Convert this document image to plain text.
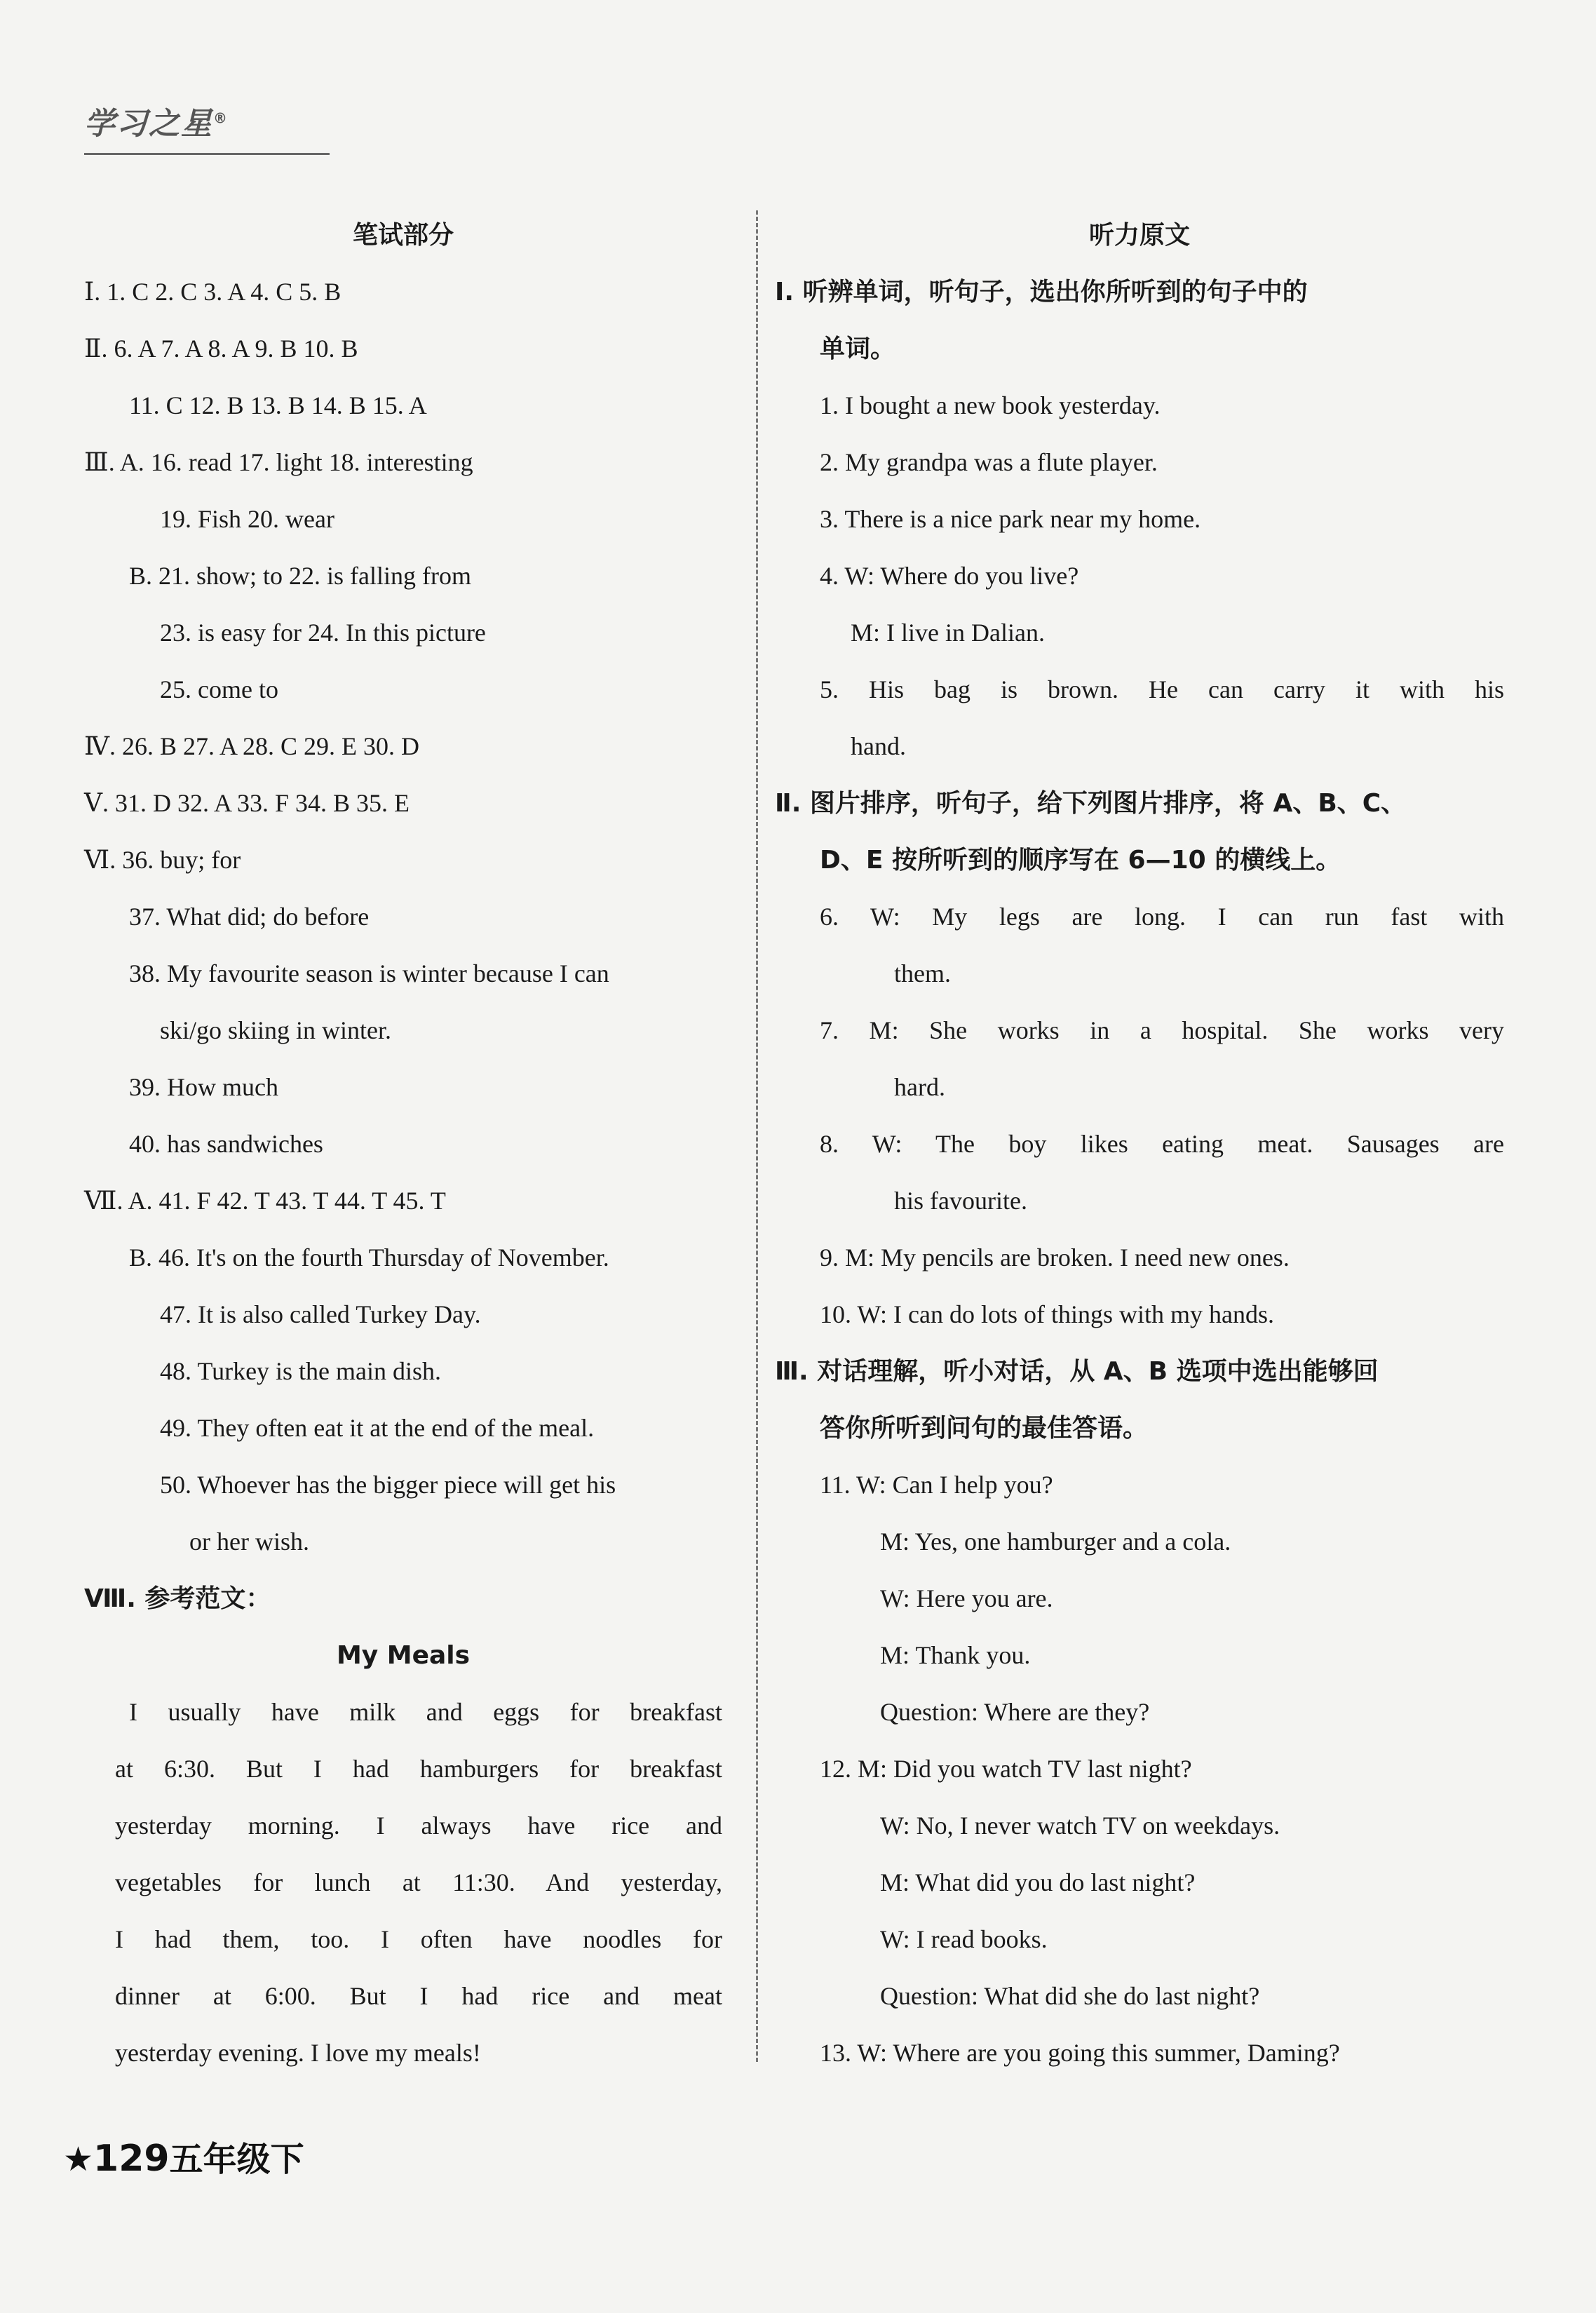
学习之星®
笔试部分
Ⅰ. 1. C 2. C 3. A 4. C 5. B
Ⅱ. 6. A 7. A 8. A 9. B 10. B
11. C 12. B 13. B 14. B 15. A
Ⅲ. A. 16. read 17. light 18. interesting
19. Fish 20. wear
B. 21. show; to 22. is falling from
23. is easy for 24. In this picture
25. come to
Ⅳ. 26. B 27. A 28. C 29. E 30. D
Ⅴ. 31. D 32. A 33. F 34. B 35. E
Ⅵ. 36. buy; for
37. What did; do before
38. My favourite season is winter because I can
ski/go skiing in winter.
39. How much
40. has sandwiches
Ⅶ. A. 41. F 42. T 43. T 44. T 45. T
B. 46. It's on the fourth Thursday of November.
47. It is also called Turkey Day.
48. Turkey is the main dish.
49. They often eat it at the end of the meal.
50. Whoever has the bigger piece will get his
or her wish.
Ⅷ. 参考范文：
My Meals
I usually have milk and eggs for breakfast
at 6:30. But I had hamburgers for breakfast
yesterday morning. I always have rice and
vegetables for lunch at 11:30. And yesterday,
I had them, too. I often have noodles for
dinner at 6:00. But I had rice and meat
yesterday evening. I love my meals!
听力原文
Ⅰ. 听辨单词，听句子，选出你所听到的句子中的
单词。
1. I bought a new book yesterday.
2. My grandpa was a flute player.
3. There is a nice park near my home.
4. W: Where do you live?
M: I live in Dalian.
5. His bag is brown. He can carry it with his
hand.
Ⅱ. 图片排序，听句子，给下列图片排序，将 A、B、C、
D、E 按所听到的顺序写在 6—10 的横线上。
6. W: My legs are long. I can run fast with
them.
7. M: She works in a hospital. She works very
hard.
8. W: The boy likes eating meat. Sausages are
his favourite.
9. M: My pencils are broken. I need new ones.
10. W: I can do lots of things with my hands.
Ⅲ. 对话理解，听小对话，从 A、B 选项中选出能够回
答你所听到问句的最佳答语。
11. W: Can I help you?
M: Yes, one hamburger and a cola.
W: Here you are.
M: Thank you.
Question: Where are they?
12. M: Did you watch TV last night?
W: No, I never watch TV on weekdays.
M: What did you do last night?
W: I read books.
Question: What did she do last night?
13. W: Where are you going this summer, Daming?
★129五年级下
